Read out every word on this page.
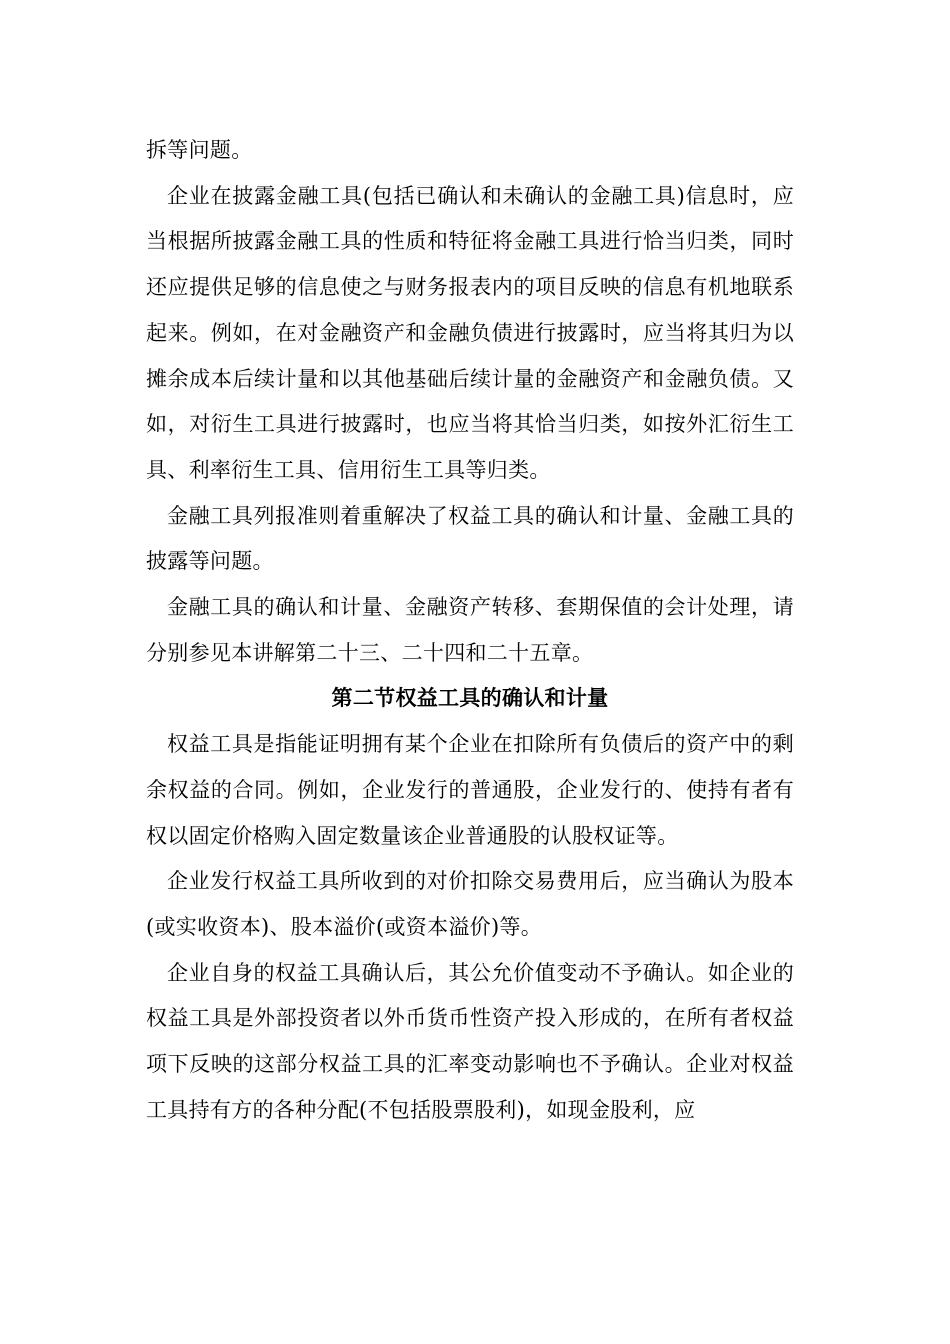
拆等问题。

企业在披露金融工具(包括已确认和未确认的金融工具)信息时，应当根据所披露金融工具的性质和特征将金融工具进行恰当归类，同时还应提供足够的信息使之与财务报表内的项目反映的信息有机地联系起来。例如，在对金融资产和金融负债进行披露时，应当将其归为以摊余成本后续计量和以其他基础后续计量的金融资产和金融负债。又如，对衍生工具进行披露时，也应当将其恰当归类，如按外汇衍生工具、利率衍生工具、信用衍生工具等归类。

金融工具列报准则着重解决了权益工具的确认和计量、金融工具的披露等问题。

金融工具的确认和计量、金融资产转移、套期保值的会计处理，请分别参见本讲解第二十三、二十四和二十五章。

第二节权益工具的确认和计量

权益工具是指能证明拥有某个企业在扣除所有负债后的资产中的剩余权益的合同。例如，企业发行的普通股，企业发行的、使持有者有权以固定价格购入固定数量该企业普通股的认股权证等。

企业发行权益工具所收到的对价扣除交易费用后，应当确认为股本(或实收资本)、股本溢价(或资本溢价)等。

企业自身的权益工具确认后，其公允价值变动不予确认。如企业的权益工具是外部投资者以外币货币性资产投入形成的，在所有者权益项下反映的这部分权益工具的汇率变动影响也不予确认。企业对权益工具持有方的各种分配(不包括股票股利)，如现金股利，应
